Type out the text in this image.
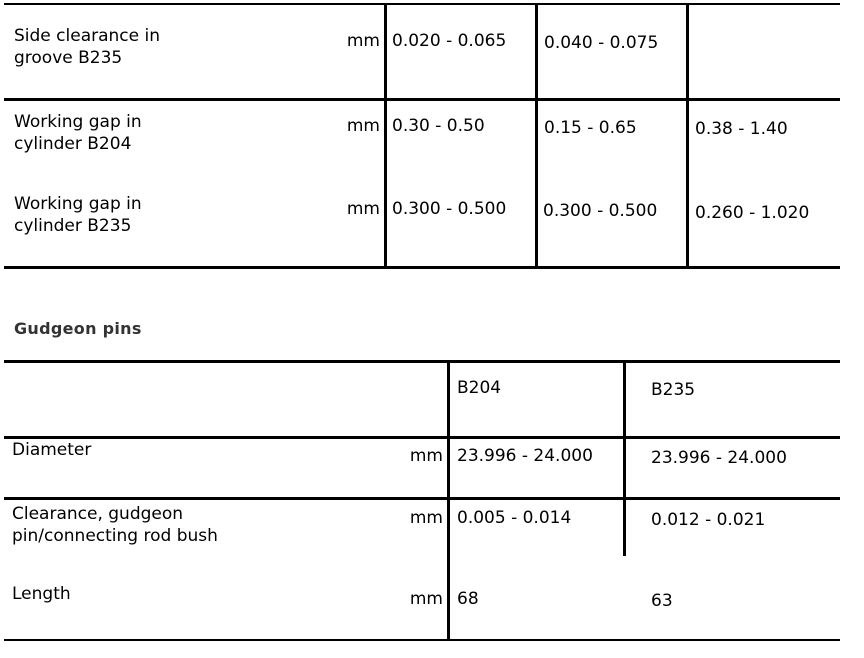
Side clearance in
groove B235
mm 0.020 - 0.065 0.040 - 0.075
Working gap in
cylinder B204
mm 0.30 - 0.50	0.15 - 0.65	0.38 - 1.40
Working gap in
cylinder B235
mm 0.300 - 0.500 0.300 - 0.500 0.260 - 1.020
Gudgeon pins
B204	B235
Diameter	mm 23.996 - 24.000	23.996 - 24.000
Clearance, gudgeon
pin/connecting rod bush
mm 0.005 - 0.014	0.012 - 0.021
Length	mm 68	63
